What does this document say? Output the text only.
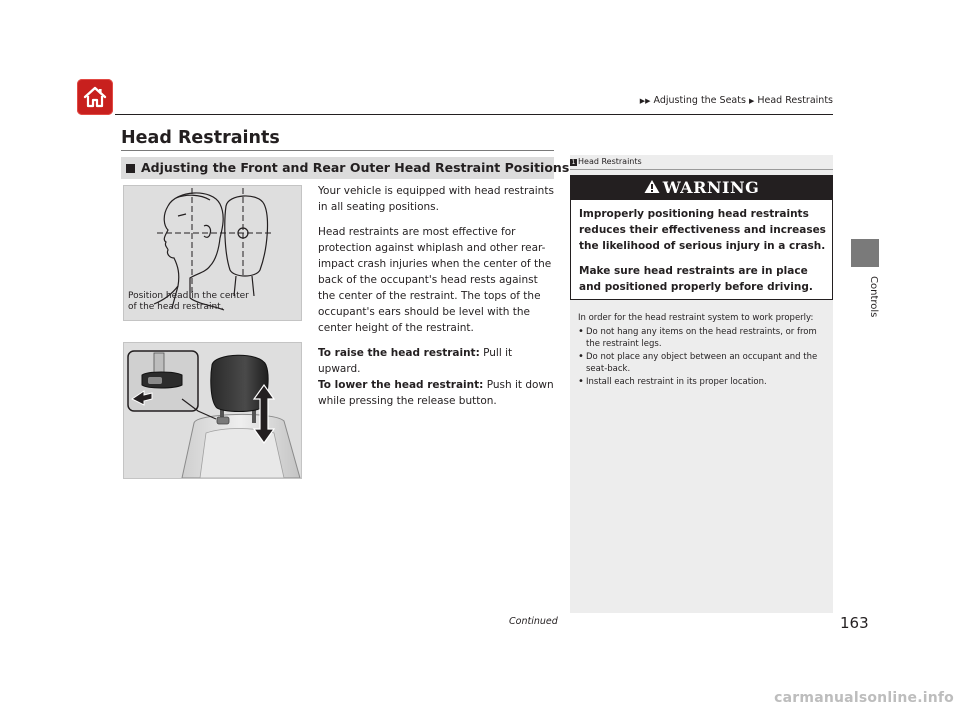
▶▶ Adjusting the Seats ▶ Head Restraints
Head Restraints
Adjusting the Front and Rear Outer Head Restraint Positions
Position head in the center
of the head restraint.

Your vehicle is equipped with head restraints in all seating positions.

Head restraints are most effective for protection against whiplash and other rear-impact crash injuries when the center of the back of the occupant's head rests against the center of the restraint. The tops of the occupant's ears should be level with the center height of the restraint.

To raise the head restraint: Pull it upward.
To lower the head restraint: Push it down while pressing the release button.
1 Head Restraints
WARNING

Improperly positioning head restraints reduces their effectiveness and increases the likelihood of serious injury in a crash.

Make sure head restraints are in place and positioned properly before driving.

In order for the head restraint system to work properly:

• Do not hang any items on the head restraints, or from the restraint legs.
• Do not place any object between an occupant and the seat-back.
• Install each restraint in its proper location.
Controls
Continued	163
carmanualsonline.info
